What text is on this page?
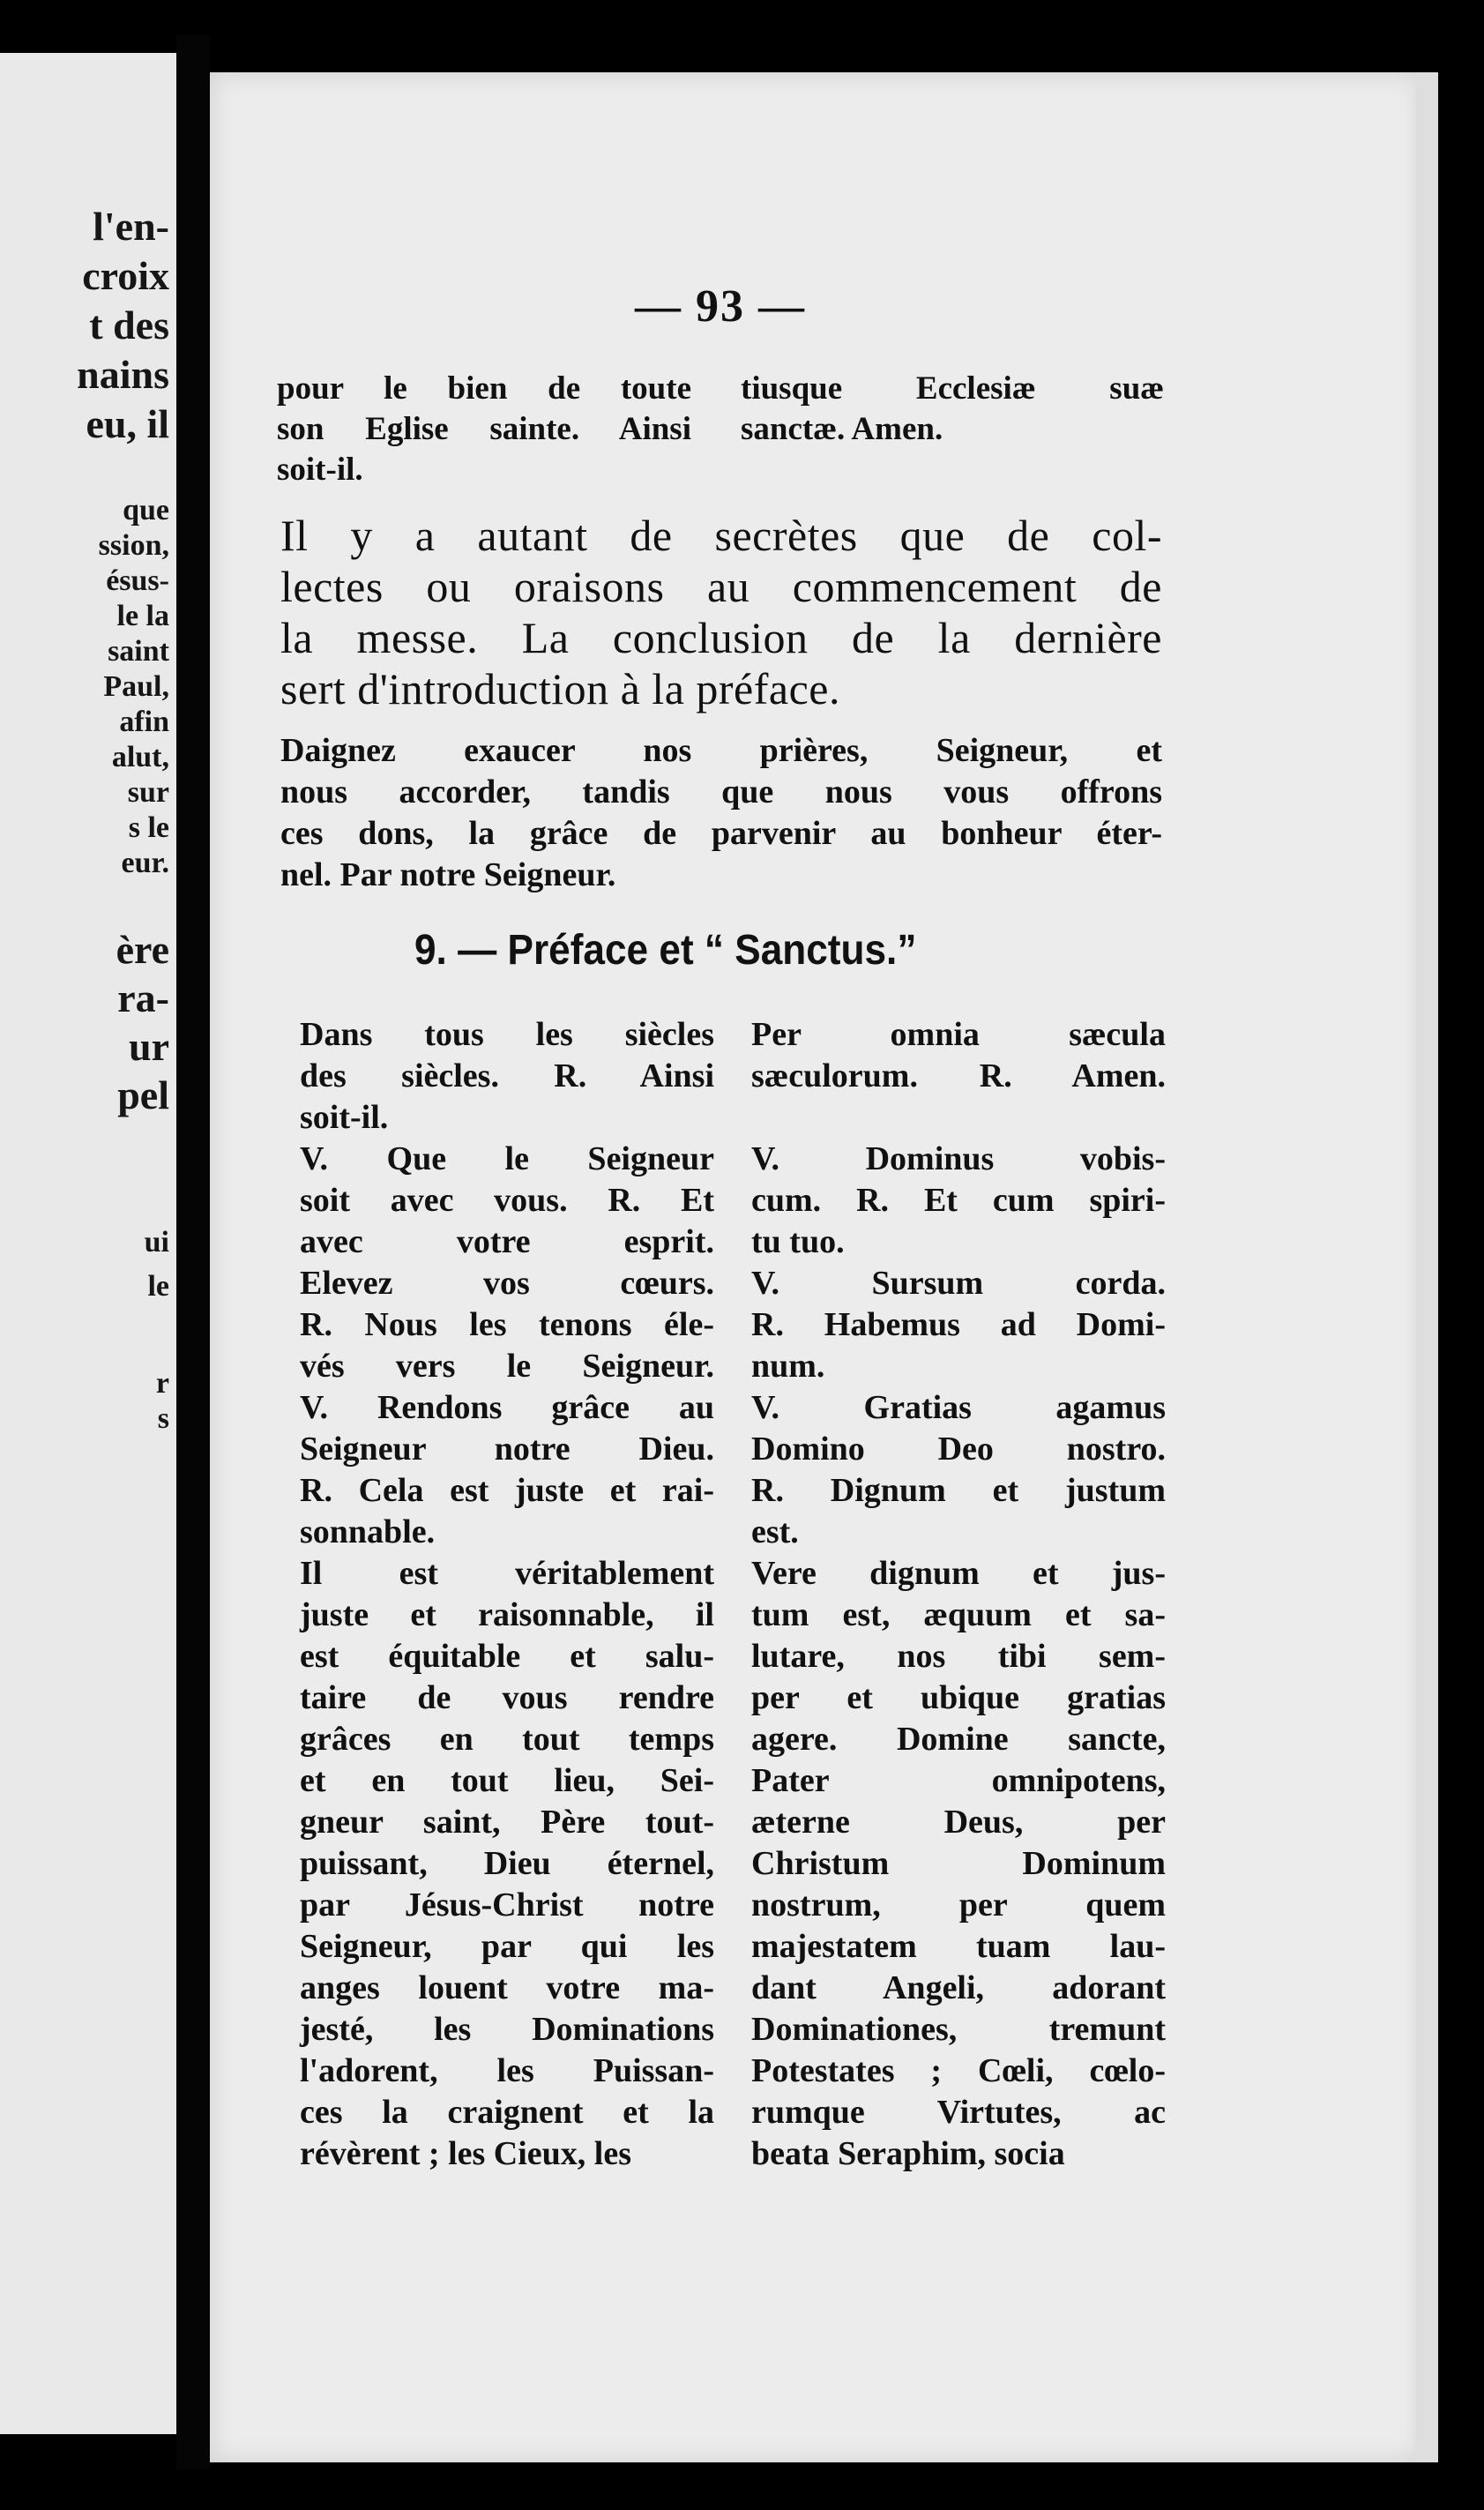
l'en-
croix
t des
nains
eu, il
que
ssion,
ésus-
le la
saint
Paul,
afin
alut,
sur
s le
eur.
ère
ra-
ur
pel
ui
le
r
s
— 93 —
pour le bien de toute
son Eglise sainte. Ainsi
soit-il.
tiusque Ecclesiæ suæ
sanctæ. Amen.
Il y a autant de secrètes que de col-
lectes ou oraisons au commencement de
la messe. La conclusion de la dernière
sert d'introduction à la préface.
Daignez exaucer nos prières, Seigneur, et
nous accorder, tandis que nous vous offrons
ces dons, la grâce de parvenir au bonheur éter-
nel. Par notre Seigneur.
9. — Préface et “ Sanctus.”
Dans tous les siècles
des siècles. R. Ainsi
soit-il.
V. Que le Seigneur
soit avec vous. R. Et
avec votre esprit.
Elevez vos cœurs.
R. Nous les tenons éle-
vés vers le Seigneur.
V. Rendons grâce au
Seigneur notre Dieu.
R. Cela est juste et rai-
sonnable.
Il est véritablement
juste et raisonnable, il
est équitable et salu-
taire de vous rendre
grâces en tout temps
et en tout lieu, Sei-
gneur saint, Père tout-
puissant, Dieu éternel,
par Jésus-Christ notre
Seigneur, par qui les
anges louent votre ma-
jesté, les Dominations
l'adorent, les Puissan-
ces la craignent et la
révèrent ; les Cieux, les
Per omnia sæcula
sæculorum. R. Amen.

V. Dominus vobis-
cum. R. Et cum spiri-
tu tuo.
V. Sursum corda.
R. Habemus ad Domi-
num.
V. Gratias agamus
Domino Deo nostro.
R. Dignum et justum
est.
Vere dignum et jus-
tum est, æquum et sa-
lutare, nos tibi sem-
per et ubique gratias
agere. Domine sancte,
Pater omnipotens,
æterne Deus, per
Christum Dominum
nostrum, per quem
majestatem tuam lau-
dant Angeli, adorant
Dominationes, tremunt
Potestates ; Cœli, cœlo-
rumque Virtutes, ac
beata Seraphim, socia
